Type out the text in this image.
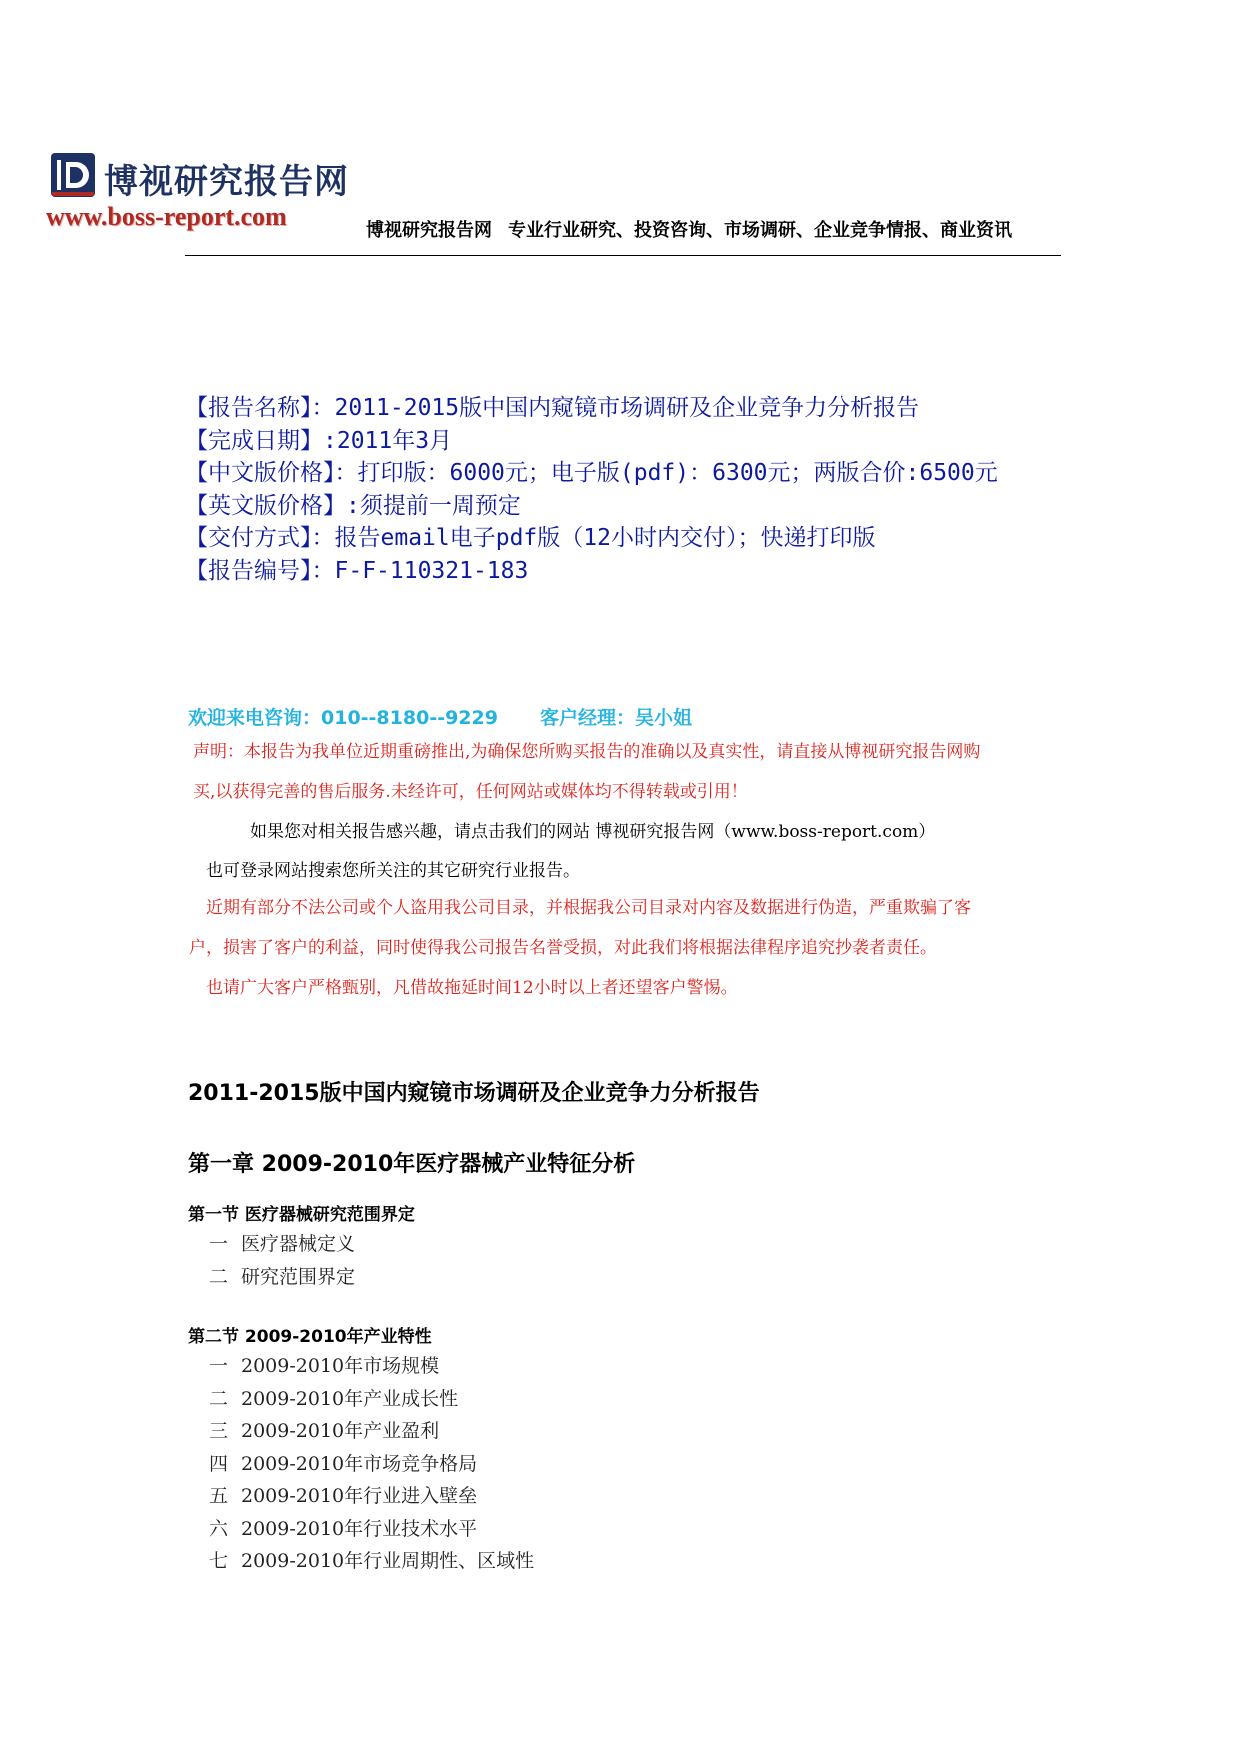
博视研究报告网
www.boss-report.com	博视研究报告网 专业行业研究、投资咨询、市场调研、企业竞争情报、商业资讯
【报告名称】：2011-2015版中国内窥镜市场调研及企业竞争力分析报告
【完成日期】:2011年3月
【中文版价格】：打印版：6000元；电子版(pdf)：6300元；两版合价:6500元
【英文版价格】:须提前一周预定
【交付方式】：报告email电子pdf版（12小时内交付）；快递打印版
【报告编号】：F-F-110321-183
欢迎来电咨询：010--8180--9229 客户经理：吴小姐
声明：本报告为我单位近期重磅推出,为确保您所购买报告的准确以及真实性，请直接从博视研究报告网购
买,以获得完善的售后服务.未经许可，任何网站或媒体均不得转载或引用！
如果您对相关报告感兴趣，请点击我们的网站 博视研究报告网（www.boss-report.com）
也可登录网站搜索您所关注的其它研究行业报告。
近期有部分不法公司或个人盗用我公司目录，并根据我公司目录对内容及数据进行伪造，严重欺骗了客
户，损害了客户的利益，同时使得我公司报告名誉受损，对此我们将根据法律程序追究抄袭者责任。
也请广大客户严格甄别，凡借故拖延时间12小时以上者还望客户警惕。
2011-2015版中国内窥镜市场调研及企业竞争力分析报告
第一章 2009-2010年医疗器械产业特征分析
第一节 医疗器械研究范围界定
一 医疗器械定义
二 研究范围界定
第二节 2009-2010年产业特性
一 2009-2010年市场规模
二 2009-2010年产业成长性
三 2009-2010年产业盈利
四 2009-2010年市场竞争格局
五 2009-2010年行业进入壁垒
六 2009-2010年行业技术水平
七 2009-2010年行业周期性、区域性
